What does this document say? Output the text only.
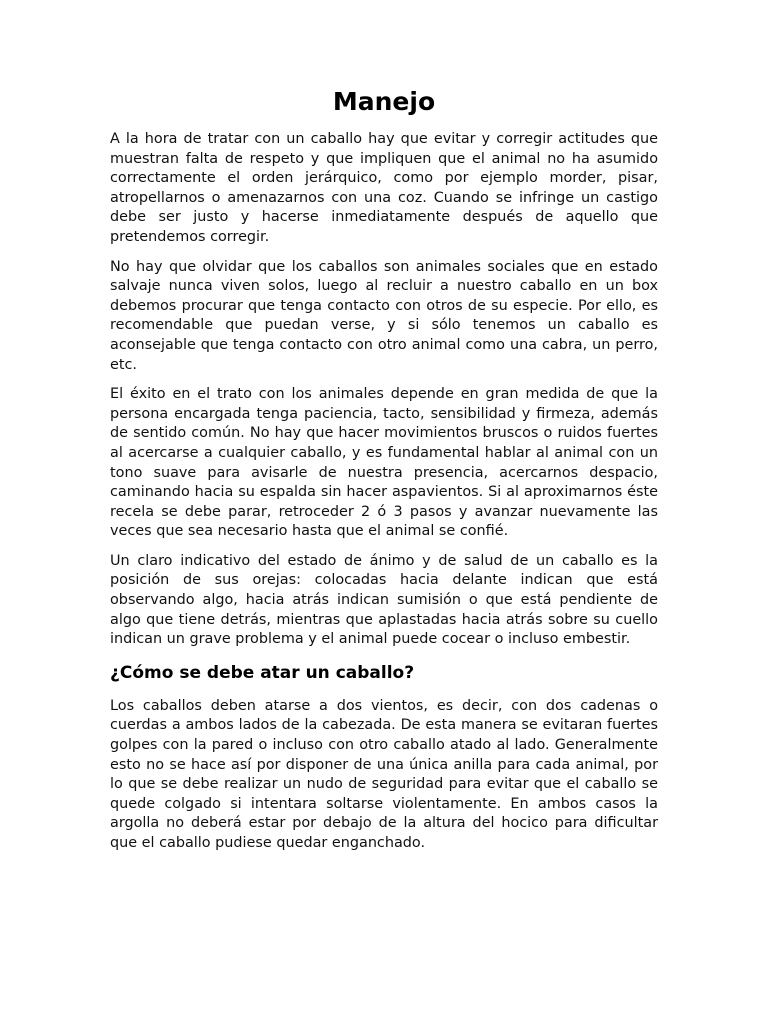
Manejo

A la hora de tratar con un caballo hay que evitar y corregir actitudes que muestran falta de respeto y que impliquen que el animal no ha asumido correctamente el orden jerárquico, como por ejemplo morder, pisar, atropellarnos o amenazarnos con una coz. Cuando se infringe un castigo debe ser justo y hacerse inmediatamente después de aquello que pretendemos corregir.

No hay que olvidar que los caballos son animales sociales que en estado salvaje nunca viven solos, luego al recluir a nuestro caballo en un box debemos procurar que tenga contacto con otros de su especie. Por ello, es recomendable que puedan verse, y si sólo tenemos un caballo es aconsejable que tenga contacto con otro animal como una cabra, un perro, etc.

El éxito en el trato con los animales depende en gran medida de que la persona encargada tenga paciencia, tacto, sensibilidad y firmeza, además de sentido común. No hay que hacer movimientos bruscos o ruidos fuertes al acercarse a cualquier caballo, y es fundamental hablar al animal con un tono suave para avisarle de nuestra presencia, acercarnos despacio, caminando hacia su espalda sin hacer aspavientos. Si al aproximarnos éste recela se debe parar, retroceder 2 ó 3 pasos y avanzar nuevamente las veces que sea necesario hasta que el animal se confié.

Un claro indicativo del estado de ánimo y de salud de un caballo es la posición de sus orejas: colocadas hacia delante indican que está observando algo, hacia atrás indican sumisión o que está pendiente de algo que tiene detrás, mientras que aplastadas hacia atrás sobre su cuello indican un grave problema y el animal puede cocear o incluso embestir.

¿Cómo se debe atar un caballo?

Los caballos deben atarse a dos vientos, es decir, con dos cadenas o cuerdas a ambos lados de la cabezada. De esta manera se evitaran fuertes golpes con la pared o incluso con otro caballo atado al lado. Generalmente esto no se hace así por disponer de una única anilla para cada animal, por lo que se debe realizar un nudo de seguridad para evitar que el caballo se quede colgado si intentara soltarse violentamente. En ambos casos la argolla no deberá estar por debajo de la altura del hocico para dificultar que el caballo pudiese quedar enganchado.
